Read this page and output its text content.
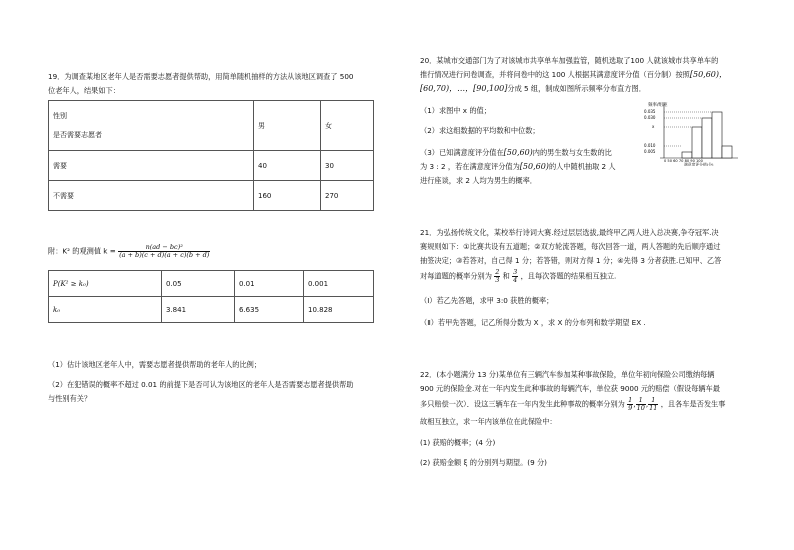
19．为调查某地区老年人是否需要志愿者提供帮助，用简单随机抽样的方法从该地区调查了 500
位老年人，结果如下：
性别
是否需要志愿者	男	女
需要	40	30
不需要	160	270
附：K² 的观测值 $k = \frac{\text{n(ad − bc)²}}{(a + b)(c + d)(a + c)(b + d)}$
P(K² ≥ k₀)	0.05	0.01	0.001
k₀	3.841	6.635	10.828
（1）估计该地区老年人中，需要志愿者提供帮助的老年人的比例；
（2）在犯错误的概率不超过 0.01 的前提下是否可认为该地区的老年人是否需要志愿者提供帮助
与性别有关？
20．某城市交通部门为了对该城市共享单车加强监管，随机选取了100 人就该城市共享单车的
推行情况进行问卷调查，并将问卷中的这 100 人根据其满意度评分值（百分制）按照[50,60)，
[60,70)，…，[90,100]分成 5 组，制成如图所示频率分布直方图．
（1）求图中 x 的值；
（2）求这组数据的平均数和中位数；
（3）已知满意度评分值在[50,60)内的男生数与女生数的比
为 3 : 2 ，若在满意度评分值为[50,60)的人中随机抽取 2 人
进行座谈，求 2 人均为男生的概率．
频率/组距
0.035
0.030
x
0.010
0.005
0 50 60 70 80 90 100
满意度评分值(分)
21．为弘扬传统文化，某校举行诗词大赛.经过层层选拔,最终甲乙两人进入总决赛,争夺冠军.决
赛规则如下：①比赛共设有五道题；②双方轮流答题，每次回答一道，两人答题的先后顺序通过
抽签决定；③若答对，自己得 1 分；若答错，则对方得 1 分；④先得 3 分者获胜.已知甲、乙答
对每道题的概率分别为 $\frac{2}{3}$ 和 $\frac{3}{4}$ ，且每次答题的结果相互独立.
（Ⅰ）若乙先答题，求甲 3:0 获胜的概率；
（Ⅱ）若甲先答题，记乙所得分数为 X ，求 X 的分布列和数学期望 EX .
22．(本小题满分 13 分)某单位有三辆汽车参加某种事故保险，单位年初向保险公司缴纳每辆
900 元的保险金.对在一年内发生此种事故的每辆汽车，单位获 9000 元的赔偿（假设每辆车最
多只赔偿一次）．设这三辆车在一年内发生此种事故的概率分别为 $\frac{1}{9}$ , $\frac{1}{10}$ , $\frac{1}{11}$ ，且各车是否发生事
故相互独立，求一年内该单位在此保险中：
(1) 获赔的概率；(4 分)
(2) 获赔金额 ξ 的分别列与期望。(9 分)
